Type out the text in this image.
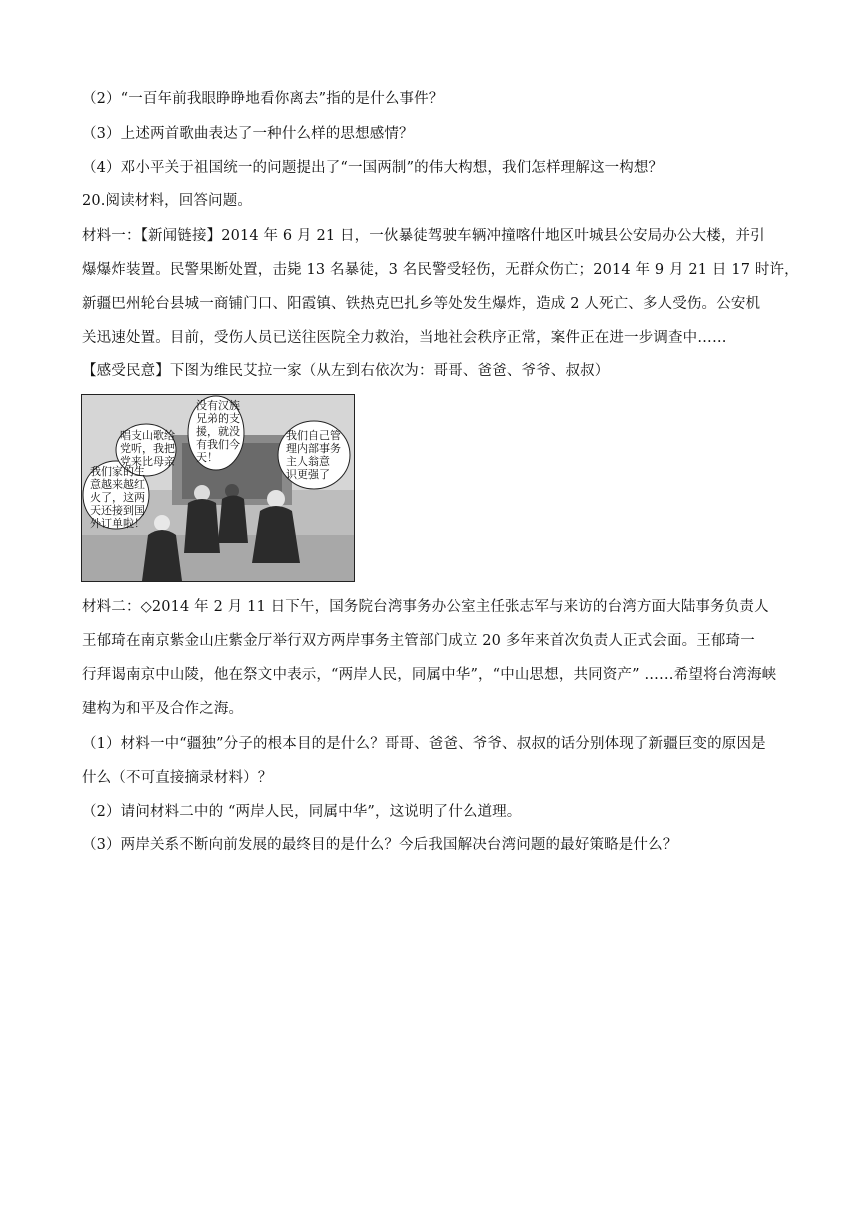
（2）“一百年前我眼睁睁地看你离去”指的是什么事件？
（3）上述两首歌曲表达了一种什么样的思想感情？
（4）邓小平关于祖国统一的问题提出了“一国两制”的伟大构想，我们怎样理解这一构想？
20.阅读材料，回答问题。
材料一：【新闻链接】2014 年 6 月 21 日，一伙暴徒驾驶车辆冲撞喀什地区叶城县公安局办公大楼，并引
爆爆炸装置。民警果断处置，击毙 13 名暴徒，3 名民警受轻伤，无群众伤亡；2014 年 9 月 21 日 17 时许，
新疆巴州轮台县城一商铺门口、阳霞镇、铁热克巴扎乡等处发生爆炸，造成 2 人死亡、多人受伤。公安机
关迅速处置。目前，受伤人员已送往医院全力救治，当地社会秩序正常，案件正在进一步调查中……
【感受民意】下图为维民艾拉一家（从左到右依次为：哥哥、爸爸、爷爷、叔叔）
我们家的生
意越来越红
火了，这两
天还接到国
外订单啦！
唱支山歌给
党听，我把
党来比母亲
没有汉族
兄弟的支
援，就没
有我们今
天！
我们自己管
理内部事务
主人翁意
识更强了
材料二：◇2014 年 2 月 11 日下午，国务院台湾事务办公室主任张志军与来访的台湾方面大陆事务负责人
王郁琦在南京紫金山庄紫金厅举行双方两岸事务主管部门成立 20 多年来首次负责人正式会面。王郁琦一
行拜谒南京中山陵，他在祭文中表示，“两岸人民，同属中华”，“中山思想，共同资产” ……希望将台湾海峡
建构为和平及合作之海。
（1）材料一中“疆独”分子的根本目的是什么？哥哥、爸爸、爷爷、叔叔的话分别体现了新疆巨变的原因是
什么（不可直接摘录材料）？
（2）请问材料二中的 “两岸人民，同属中华”，这说明了什么道理。
（3）两岸关系不断向前发展的最终目的是什么？今后我国解决台湾问题的最好策略是什么？
